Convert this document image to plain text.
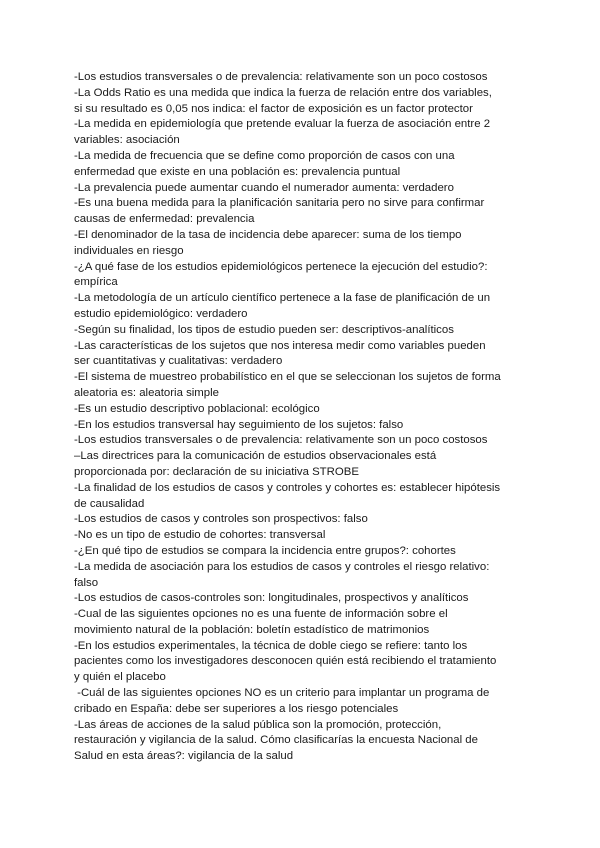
-Los estudios transversales o de prevalencia: relativamente son un poco costosos
-La Odds Ratio es una medida que indica la fuerza de relación entre dos variables,
si su resultado es 0,05 nos indica: el factor de exposición es un factor protector
-La medida en epidemiología que pretende evaluar la fuerza de asociación entre 2
variables: asociación
-La medida de frecuencia que se define como proporción de casos con una
enfermedad que existe en una población es: prevalencia puntual
-La prevalencia puede aumentar cuando el numerador aumenta: verdadero
-Es una buena medida para la planificación sanitaria pero no sirve para confirmar
causas de enfermedad: prevalencia
-El denominador de la tasa de incidencia debe aparecer: suma de los tiempo
individuales en riesgo
-¿A qué fase de los estudios epidemiológicos pertenece la ejecución del estudio?:
empírica
-La metodología de un artículo científico pertenece a la fase de planificación de un
estudio epidemiológico: verdadero
-Según su finalidad, los tipos de estudio pueden ser: descriptivos-analíticos
-Las características de los sujetos que nos interesa medir como variables pueden
ser cuantitativas y cualitativas: verdadero
-El sistema de muestreo probabilístico en el que se seleccionan los sujetos de forma
aleatoria es: aleatoria simple
-Es un estudio descriptivo poblacional: ecológico
-En los estudios transversal hay seguimiento de los sujetos: falso
-Los estudios transversales o de prevalencia: relativamente son un poco costosos
–Las directrices para la comunicación de estudios observacionales está
proporcionada por: declaración de su iniciativa STROBE
-La finalidad de los estudios de casos y controles y cohortes es: establecer hipótesis
de causalidad
-Los estudios de casos y controles son prospectivos: falso
-No es un tipo de estudio de cohortes: transversal
-¿En qué tipo de estudios se compara la incidencia entre grupos?: cohortes
-La medida de asociación para los estudios de casos y controles el riesgo relativo:
falso
-Los estudios de casos-controles son: longitudinales, prospectivos y analíticos
-Cual de las siguientes opciones no es una fuente de información sobre el
movimiento natural de la población: boletín estadístico de matrimonios
-En los estudios experimentales, la técnica de doble ciego se refiere: tanto los
pacientes como los investigadores desconocen quién está recibiendo el tratamiento
y quién el placebo
-Cuál de las siguientes opciones NO es un criterio para implantar un programa de
cribado en España: debe ser superiores a los riesgo potenciales
-Las áreas de acciones de la salud pública son la promoción, protección,
restauración y vigilancia de la salud. Cómo clasificarías la encuesta Nacional de
Salud en esta áreas?: vigilancia de la salud
